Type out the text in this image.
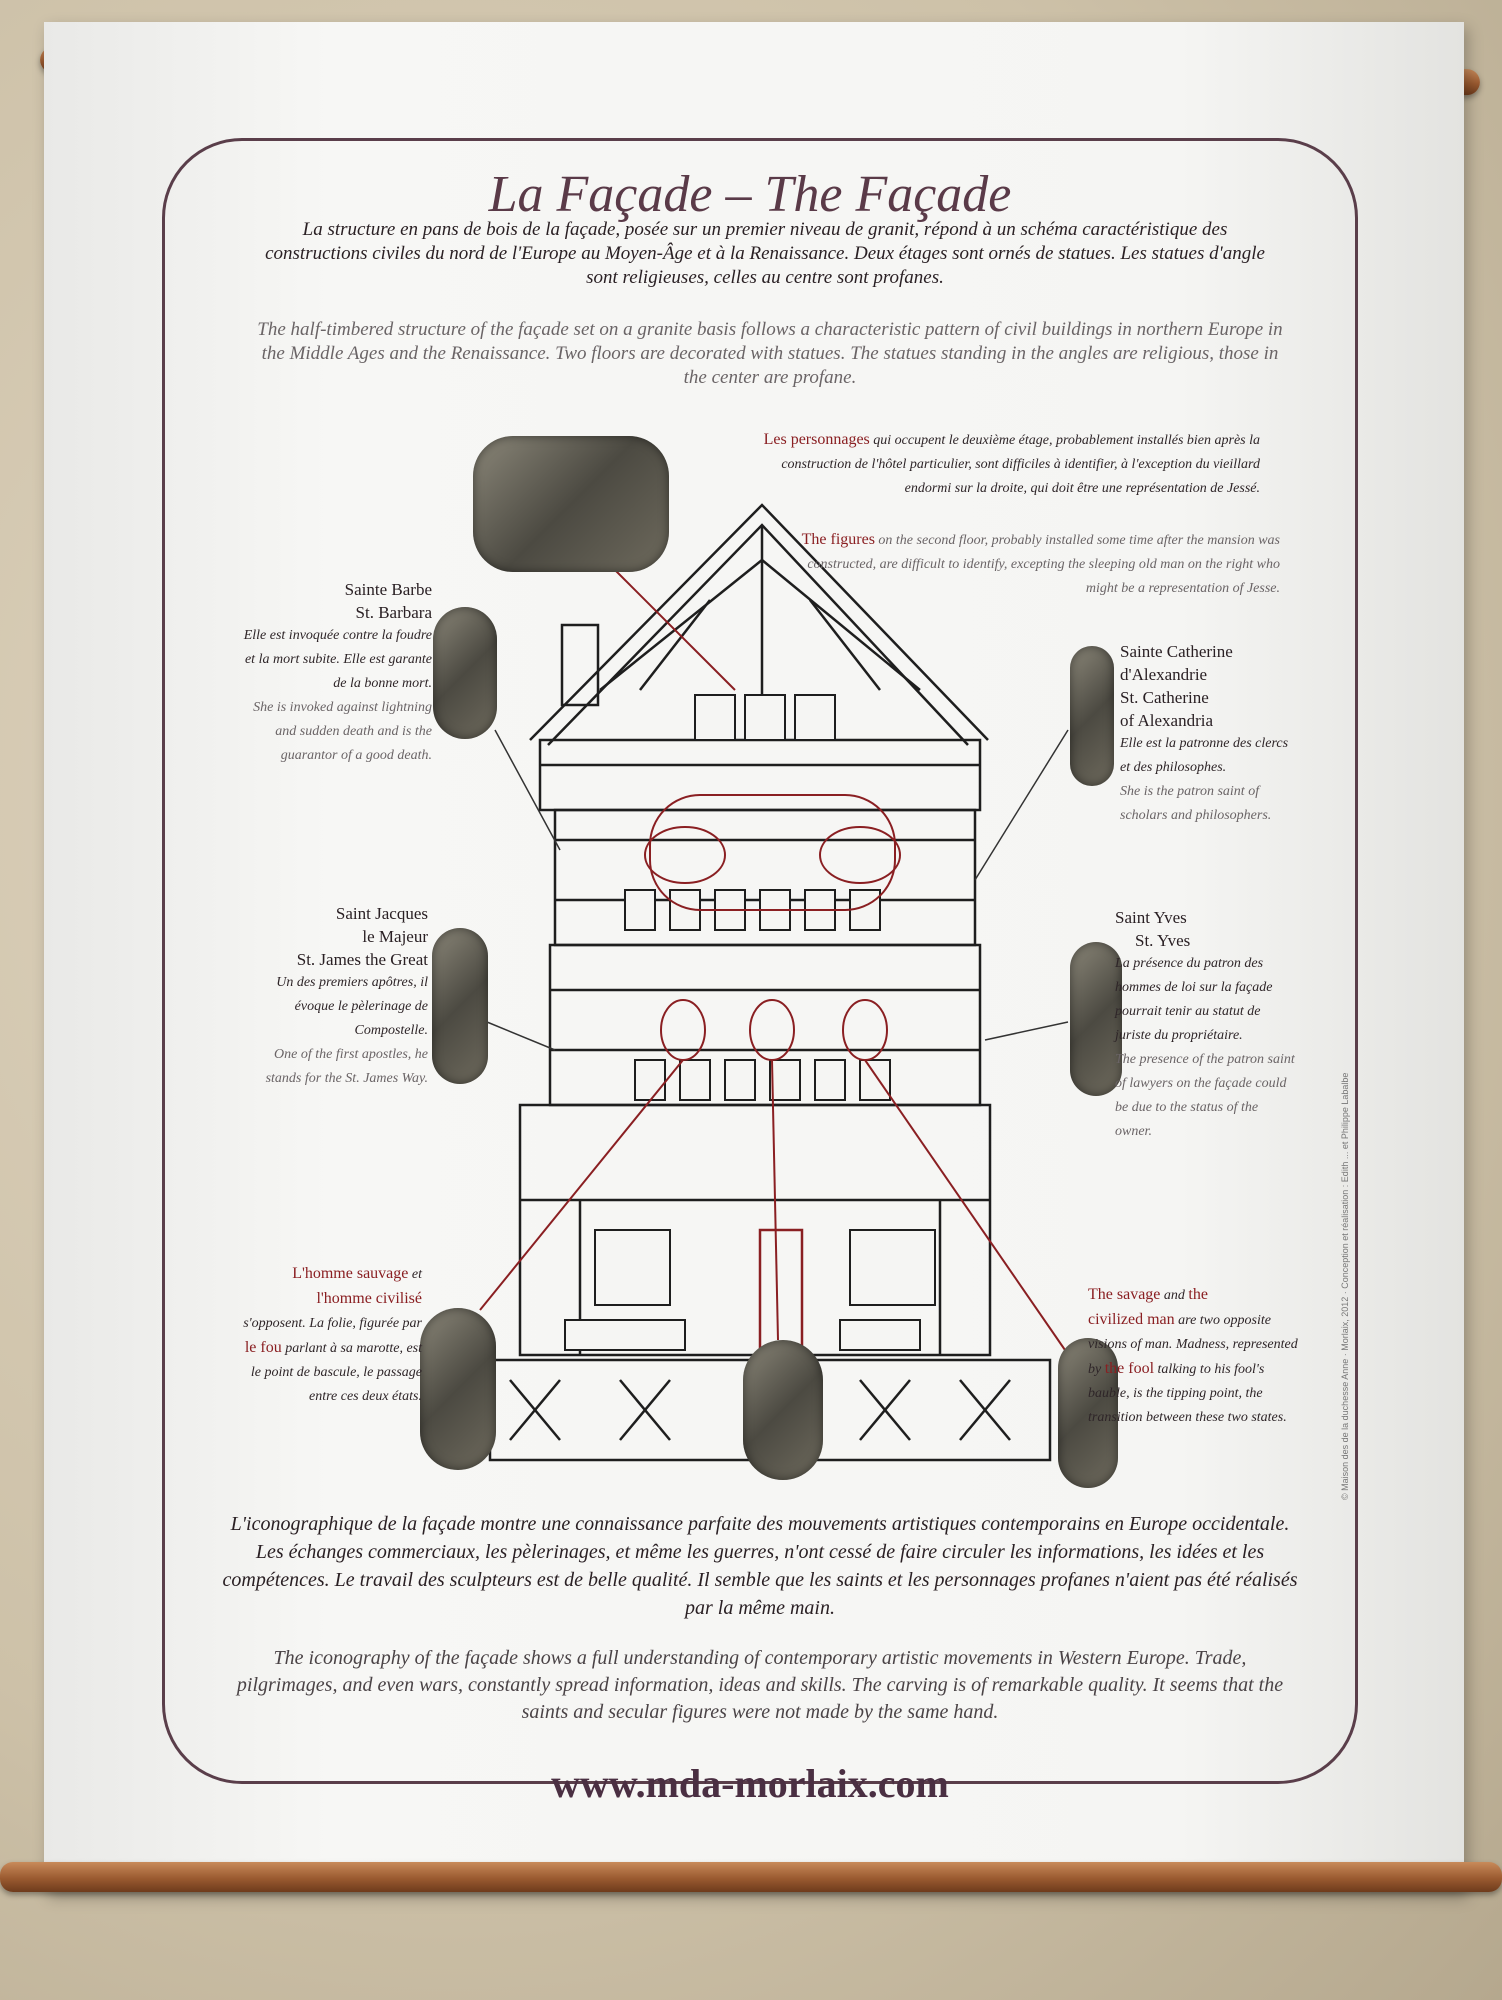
La Façade – The Façade
La structure en pans de bois de la façade, posée sur un premier niveau de granit, répond à un schéma caractéristique des constructions civiles du nord de l'Europe au Moyen-Âge et à la Renaissance. Deux étages sont ornés de statues. Les statues d'angle sont religieuses, celles au centre sont profanes.
The half-timbered structure of the façade set on a granite basis follows a characteristic pattern of civil buildings in northern Europe in the Middle Ages and the Renaissance. Two floors are decorated with statues. The statues standing in the angles are religious, those in the center are profane.
Les personnages qui occupent le deuxième étage, probablement installés bien après la construction de l'hôtel particulier, sont difficiles à identifier, à l'exception du vieillard endormi sur la droite, qui doit être une représentation de Jessé.
The figures on the second floor, probably installed some time after the mansion was constructed, are difficult to identify, excepting the sleeping old man on the right who might be a representation of Jesse.
Sainte Barbe
St. Barbara
Elle est invoquée contre la foudre et la mort subite. Elle est garante de la bonne mort.
She is invoked against lightning and sudden death and is the guarantor of a good death.
Sainte Catherine
d'Alexandrie
St. Catherine
of Alexandria
Elle est la patronne des clercs et des philosophes.
She is the patron saint of scholars and philosophers.
Saint Jacques
le Majeur
St. James the Great
Un des premiers apôtres, il évoque le pèlerinage de Compostelle.
One of the first apostles, he stands for the St. James Way.
Saint Yves
St. Yves
La présence du patron des hommes de loi sur la façade pourrait tenir au statut de juriste du propriétaire.
The presence of the patron saint of lawyers on the façade could be due to the status of the owner.
L'homme sauvage et
l'homme civilisé
s'opposent. La folie, figurée par le fou parlant à sa marotte, est le point de bascule, le passage entre ces deux états.
The savage and the
civilized man are two opposite visions of man. Madness, represented by the fool talking to his fool's bauble, is the tipping point, the transition between these two states.
L'iconographique de la façade montre une connaissance parfaite des mouvements artistiques contemporains en Europe occidentale. Les échanges commerciaux, les pèlerinages, et même les guerres, n'ont cessé de faire circuler les informations, les idées et les compétences. Le travail des sculpteurs est de belle qualité. Il semble que les saints et les personnages profanes n'aient pas été réalisés par la même main.
The iconography of the façade shows a full understanding of contemporary artistic movements in Western Europe. Trade, pilgrimages, and even wars, constantly spread information, ideas and skills. The carving is of remarkable quality. It seems that the saints and secular figures were not made by the same hand.
www.mda-morlaix.com
© Maison des de la duchesse Anne · Morlaix, 2012 · Conception et réalisation : Edith ... et Philippe Labalbe
